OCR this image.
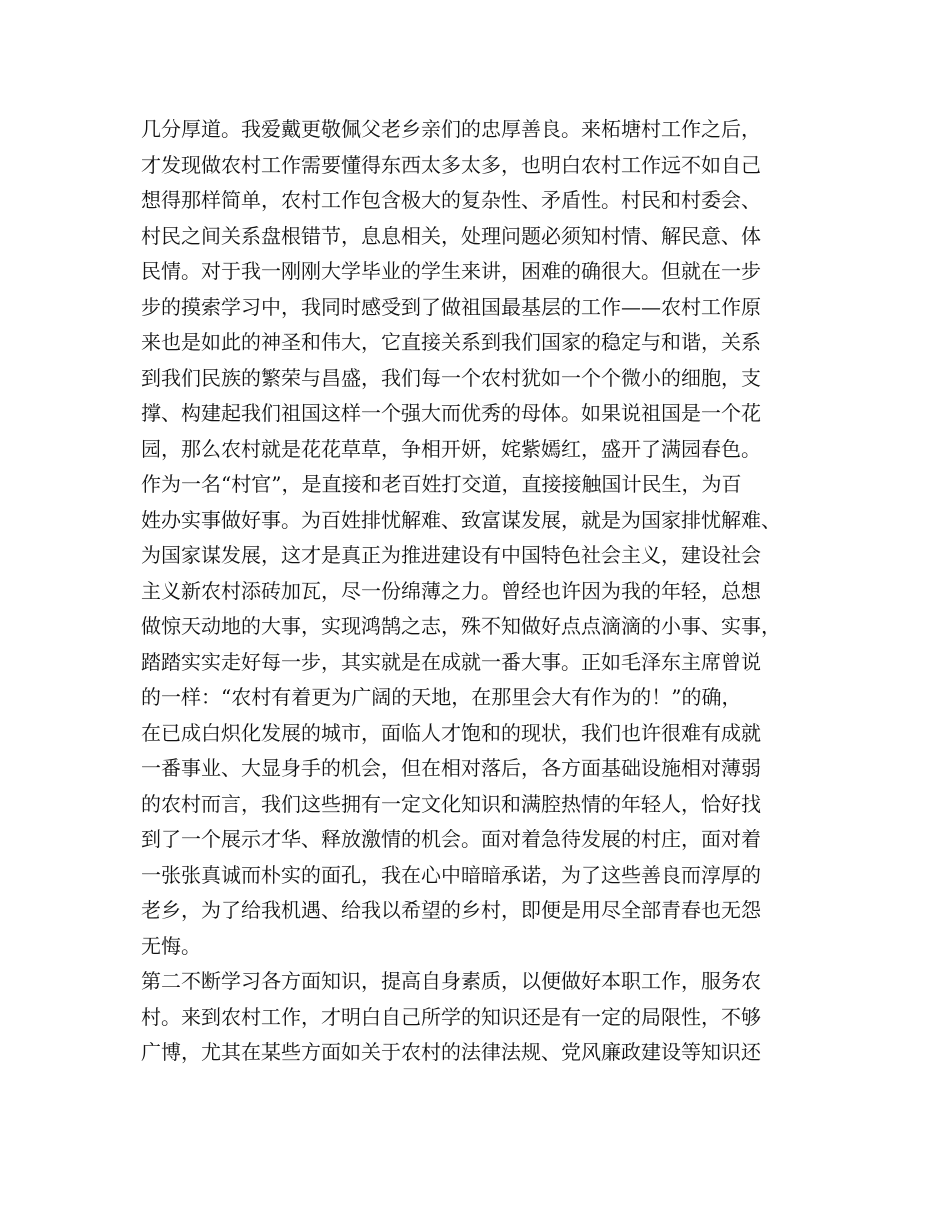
几分厚道。我爱戴更敬佩父老乡亲们的忠厚善良。来柘塘村工作之后，
才发现做农村工作需要懂得东西太多太多，也明白农村工作远不如自己
想得那样简单，农村工作包含极大的复杂性、矛盾性。村民和村委会、
村民之间关系盘根错节，息息相关，处理问题必须知村情、解民意、体
民情。对于我一刚刚大学毕业的学生来讲，困难的确很大。但就在一步
步的摸索学习中，我同时感受到了做祖国最基层的工作——农村工作原
来也是如此的神圣和伟大，它直接关系到我们国家的稳定与和谐，关系
到我们民族的繁荣与昌盛，我们每一个农村犹如一个个微小的细胞，支
撑、构建起我们祖国这样一个强大而优秀的母体。如果说祖国是一个花
园，那么农村就是花花草草，争相开妍，姹紫嫣红，盛开了满园春色。
作为一名“村官”，是直接和老百姓打交道，直接接触国计民生，为百
姓办实事做好事。为百姓排忧解难、致富谋发展，就是为国家排忧解难、
为国家谋发展，这才是真正为推进建设有中国特色社会主义，建设社会
主义新农村添砖加瓦，尽一份绵薄之力。曾经也许因为我的年轻，总想
做惊天动地的大事，实现鸿鹄之志，殊不知做好点点滴滴的小事、实事，
踏踏实实走好每一步，其实就是在成就一番大事。正如毛泽东主席曾说
的一样：“农村有着更为广阔的天地，在那里会大有作为的！”的确，
在已成白炽化发展的城市，面临人才饱和的现状，我们也许很难有成就
一番事业、大显身手的机会，但在相对落后，各方面基础设施相对薄弱
的农村而言，我们这些拥有一定文化知识和满腔热情的年轻人，恰好找
到了一个展示才华、释放激情的机会。面对着急待发展的村庄，面对着
一张张真诚而朴实的面孔，我在心中暗暗承诺，为了这些善良而淳厚的
老乡，为了给我机遇、给我以希望的乡村，即便是用尽全部青春也无怨
无悔。
第二不断学习各方面知识，提高自身素质，以便做好本职工作，服务农
村。来到农村工作，才明白自己所学的知识还是有一定的局限性，不够
广博，尤其在某些方面如关于农村的法律法规、党风廉政建设等知识还
